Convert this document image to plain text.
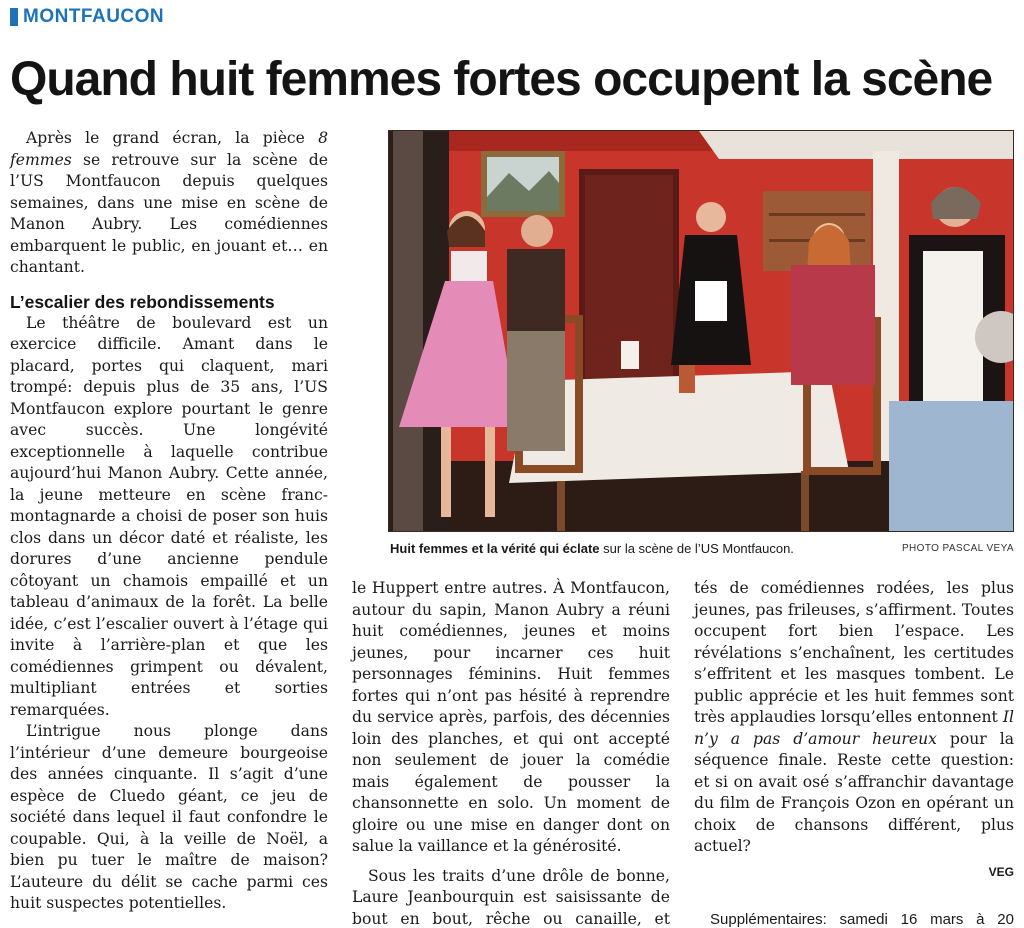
MONTFAUCON
Quand huit femmes fortes occupent la scène

Après le grand écran, la pièce 8 femmes se retrouve sur la scène de l’US Montfaucon depuis quelques semaines, dans une mise en scène de Manon Aubry. Les comédiennes embarquent le public, en jouant et… en chantant.

L’escalier des rebondissements

Le théâtre de boulevard est un exercice difficile. Amant dans le placard, portes qui claquent, mari trompé: depuis plus de 35 ans, l’US Montfaucon explore pourtant le genre avec succès. Une longévité exceptionnelle à laquelle contribue aujourd’hui Manon Aubry. Cette année, la jeune metteure en scène franc-montagnarde a choisi de poser son huis clos dans un décor daté et réaliste, les dorures d’une ancienne pendule côtoyant un chamois empaillé et un tableau d’animaux de la forêt. La belle idée, c’est l’escalier ouvert à l’étage qui invite à l’arrière-plan et que les comédiennes grimpent ou dévalent, multipliant entrées et sorties remarquées.

L’intrigue nous plonge dans l’intérieur d’une demeure bourgeoise des années cinquante. Il s’agit d’une espèce de Cluedo géant, ce jeu de société dans lequel il faut confondre le coupable. Qui, à la veille de Noël, a bien pu tuer le maître de maison? L’auteure du délit se cache parmi ces huit suspectes potentielles.

Huit femmes et la vérité qui éclate sur la scène de l’US Montfaucon.	PHOTO PASCAL VEYA

le Huppert entre autres. À Montfaucon, autour du sapin, Manon Aubry a réuni huit comédiennes, jeunes et moins jeunes, pour incarner ces huit personnages féminins. Huit femmes fortes qui n’ont pas hésité à reprendre du service après, parfois, des décennies loin des planches, et qui ont accepté non seulement de jouer la comédie mais également de pousser la chansonnette en solo. Un moment de gloire ou une mise en danger dont on salue la vaillance et la générosité.

Sous les traits d’une drôle de bonne, Laure Jeanbourquin est saisissante de bout en bout, rêche ou canaille, et

tés de comédiennes rodées, les plus jeunes, pas frileuses, s’affirment. Toutes occupent fort bien l’espace. Les révélations s’enchaînent, les certitudes s’effritent et les masques tombent. Le public apprécie et les huit femmes sont très applaudies lorsqu’elles entonnent Il n’y a pas d’amour heureux pour la séquence finale. Reste cette question: et si on avait osé s’affranchir davantage du film de François Ozon en opérant un choix de chansons différent, plus actuel?

VEG

Supplémentaires: samedi 16 mars à 20
